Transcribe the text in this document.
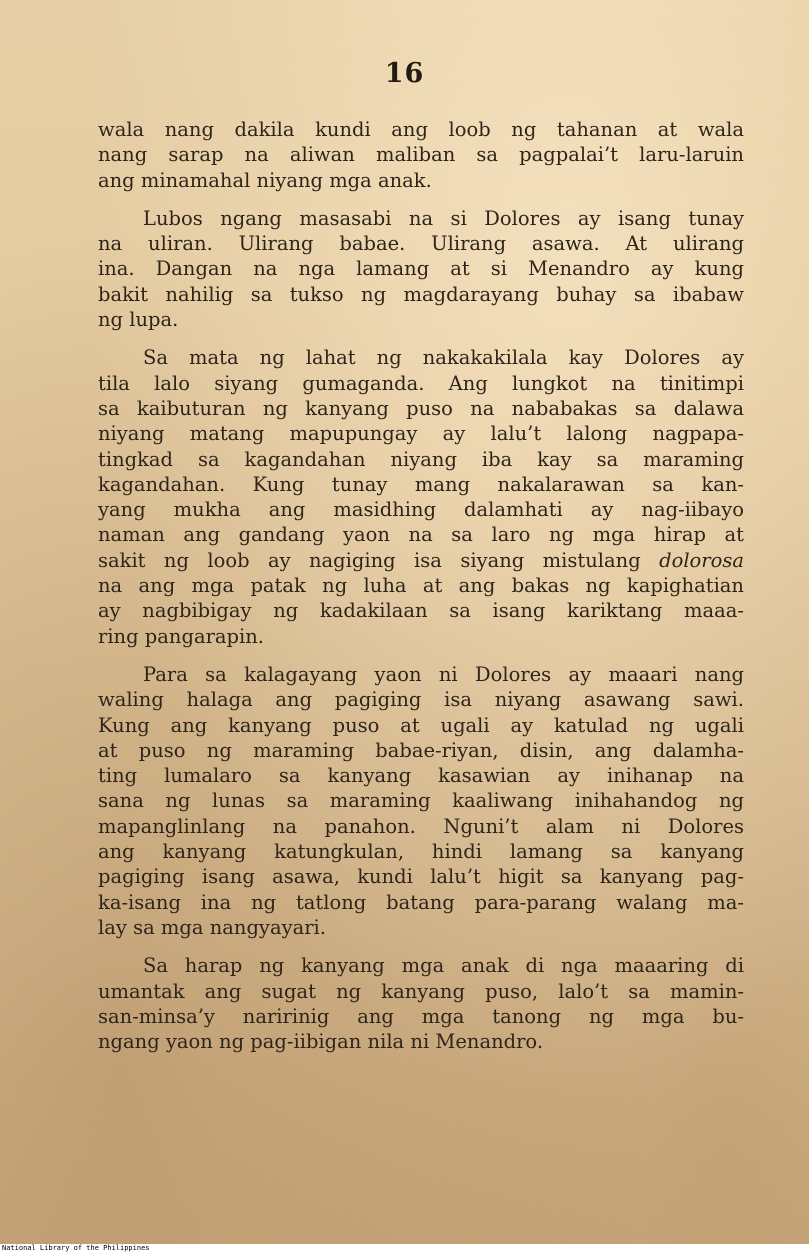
16

wala nang dakila kundi ang loob ng tahanan at wala
nang sarap na aliwan maliban sa pagpalai’t laru-laruin
ang minamahal niyang mga anak.

Lubos ngang masasabi na si Dolores ay isang tunay
na uliran. Ulirang babae. Ulirang asawa. At ulirang
ina. Dangan na nga lamang at si Menandro ay kung
bakit nahilig sa tukso ng magdarayang buhay sa ibabaw
ng lupa.

Sa mata ng lahat ng nakakakilala kay Dolores ay
tila lalo siyang gumaganda. Ang lungkot na tinitimpi
sa kaibuturan ng kanyang puso na nababakas sa dalawa
niyang matang mapupungay ay lalu’t lalong nagpapa-
tingkad sa kagandahan niyang iba kay sa maraming
kagandahan. Kung tunay mang nakalarawan sa kan-
yang mukha ang masidhing dalamhati ay nag-iibayo
naman ang gandang yaon na sa laro ng mga hirap at
sakit ng loob ay nagiging isa siyang mistulang dolorosa
na ang mga patak ng luha at ang bakas ng kapighatian
ay nagbibigay ng kadakilaan sa isang kariktang maaa-
ring pangarapin.

Para sa kalagayang yaon ni Dolores ay maaari nang
waling halaga ang pagiging isa niyang asawang sawi.
Kung ang kanyang puso at ugali ay katulad ng ugali
at puso ng maraming babae-riyan, disin, ang dalamha-
ting lumalaro sa kanyang kasawian ay inihanap na
sana ng lunas sa maraming kaaliwang inihahandog ng
mapanglinlang na panahon. Nguni’t alam ni Dolores
ang kanyang katungkulan, hindi lamang sa kanyang
pagiging isang asawa, kundi lalu’t higit sa kanyang pag-
ka-isang ina ng tatlong batang para-parang walang ma-
lay sa mga nangyayari.

Sa harap ng kanyang mga anak di nga maaaring di
umantak ang sugat ng kanyang puso, lalo’t sa mamin-
san-minsa’y naririnig ang mga tanong ng mga bu-
ngang yaon ng pag-iibigan nila ni Menandro.

National Library of the Philippines
